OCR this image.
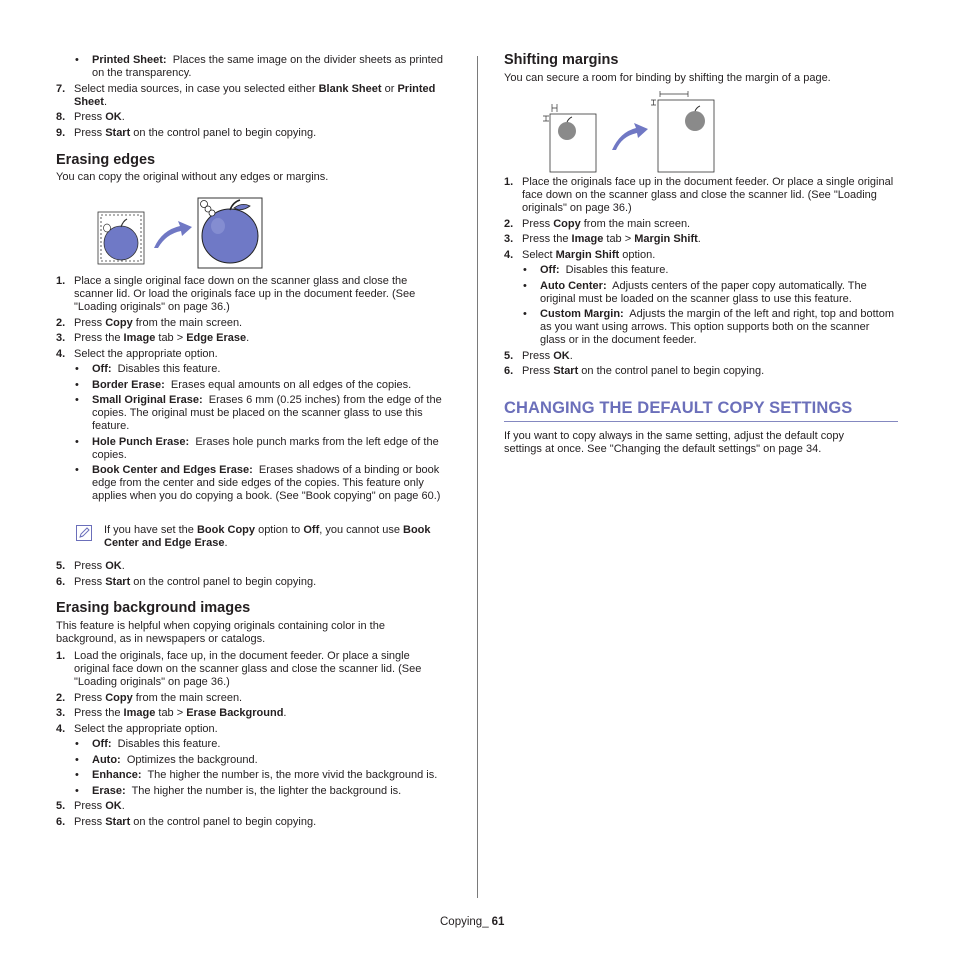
• Printed Sheet: Places the same image on the divider sheets as printed on the transparency.
7. Select media sources, in case you selected either Blank Sheet or Printed Sheet.
8. Press OK.
9. Press Start on the control panel to begin copying.
Erasing edges

You can copy the original without any edges or margins.

1. Place a single original face down on the scanner glass and close the scanner lid. Or load the originals face up in the document feeder. (See "Loading originals" on page 36.)
2. Press Copy from the main screen.
3. Press the Image tab > Edge Erase.
4. Select the appropriate option.
• Off: Disables this feature.
• Border Erase: Erases equal amounts on all edges of the copies.
• Small Original Erase: Erases 6 mm (0.25 inches) from the edge of the copies. The original must be placed on the scanner glass to use this feature.
• Hole Punch Erase: Erases hole punch marks from the left edge of the copies.
• Book Center and Edges Erase: Erases shadows of a binding or book edge from the center and side edges of the copies. This feature only applies when you do copying a book. (See "Book copying" on page 60.)
If you have set the Book Copy option to Off, you cannot use Book Center and Edge Erase.
5. Press OK.
6. Press Start on the control panel to begin copying.
Erasing background images

This feature is helpful when copying originals containing color in the background, as in newspapers or catalogs.

1. Load the originals, face up, in the document feeder. Or place a single original face down on the scanner glass and close the scanner lid. (See "Loading originals" on page 36.)
2. Press Copy from the main screen.
3. Press the Image tab > Erase Background.
4. Select the appropriate option.
• Off: Disables this feature.
• Auto: Optimizes the background.
• Enhance: The higher the number is, the more vivid the background is.
• Erase: The higher the number is, the lighter the background is.
5. Press OK.
6. Press Start on the control panel to begin copying.
Shifting margins

You can secure a room for binding by shifting the margin of a page.

1. Place the originals face up in the document feeder. Or place a single original face down on the scanner glass and close the scanner lid. (See "Loading originals" on page 36.)
2. Press Copy from the main screen.
3. Press the Image tab > Margin Shift.
4. Select Margin Shift option.
• Off: Disables this feature.
• Auto Center: Adjusts centers of the paper copy automatically. The original must be loaded on the scanner glass to use this feature.
• Custom Margin: Adjusts the margin of the left and right, top and bottom as you want using arrows. This option supports both on the scanner glass or in the document feeder.
5. Press OK.
6. Press Start on the control panel to begin copying.
CHANGING THE DEFAULT COPY SETTINGS

If you want to copy always in the same setting, adjust the default copy settings at once. See "Changing the default settings" on page 34.

Copying_ 61
